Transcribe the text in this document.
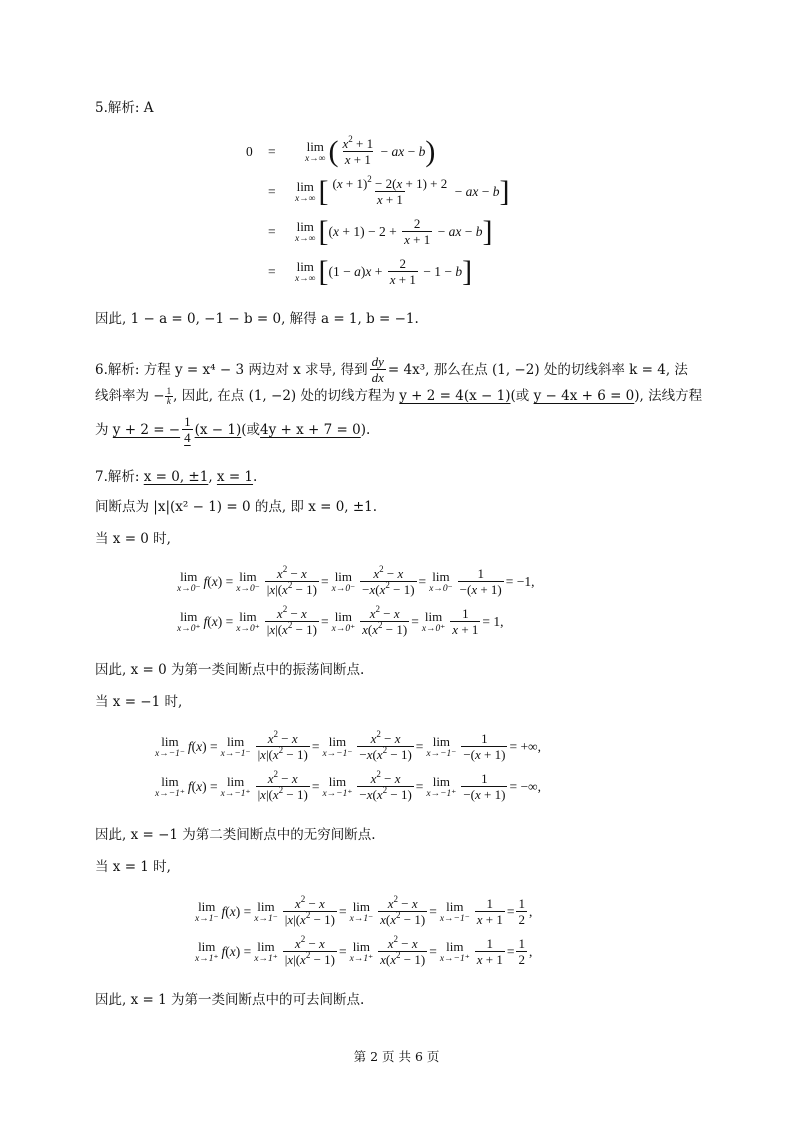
5.解析: A
0	=	lim
x→∞ ( $\frac{x^2 + 1}{x + 1}$ − ax − b )
=	lim
x→∞ [ $\frac{(x + 1)^2 - 2(x + 1) + 2}{x + 1}$ − ax − b ]
=	lim
x→∞ [ $(x + 1) - 2 + \frac{2}{x + 1}$ − ax − b ]
=	lim
x→∞ [ $(1 - a)x + \frac{2}{x + 1} - 1 - b$ ]
因此, 1 − a = 0, −1 − b = 0, 解得 a = 1, b = −1.
6.解析: 方程 y = x⁴ − 3 两边对 x 求导, 得到 $\frac{dy}{dx} = 4x^3$, 那么在点 (1, −2) 处的切线斜率 k = 4, 法
线斜率为 − $\frac{1}{k}$ , 因此, 在点 (1, −2) 处的切线方程为 y + 2 = 4(x − 1)(或 y − 4x + 6 = 0), 法线方程
为
y + 2 = − $\frac{1}{4} (x - 1)$ (或 4y + x + 7 = 0 ).
7.解析: x = 0, ±1, x = 1.
间断点为 |x|(x² − 1) = 0 的点, 即 x = 0, ±1.
当 x = 0 时,
lim
x→0⁻ f(x) = lim
$x\to 0^- \frac{x^2 - x}{|x|(x^2 - 1)} = \lim$
$x\to 0^- \frac{x^2 - x}{-x(x^2 - 1)} = \lim$
$x\to 0^- \frac{1}{-(x + 1)} = -1$,
lim
x→0⁺ f(x) = lim
$x\to 0^+ \frac{x^2 - x}{|x|(x^2 - 1)} = \lim$
$x\to 0^+ \frac{x^2 - x}{x(x^2 - 1)} = \lim$
$x\to 0^+ \frac{1}{x + 1} = 1$,
因此, x = 0 为第一类间断点中的振荡间断点.
当 x = −1 时,
lim
x→−1⁻ f(x) = lim
$x\to-1^- \frac{x^2 - x}{|x|(x^2 - 1)} = \lim$
$x\to-1^- \frac{x^2 - x}{-x(x^2 - 1)} = \lim$
$x\to-1^- \frac{1}{-(x + 1)}$ = +∞,
lim
x→−1⁺ f(x) = lim
$x\to-1^+ \frac{x^2 - x}{|x|(x^2 - 1)} = \lim$
$x\to-1^+ \frac{x^2 - x}{-x(x^2 - 1)} = \lim$
$x\to-1^+ \frac{1}{-(x + 1)}$ = −∞,
因此, x = −1 为第二类间断点中的无穷间断点.
当 x = 1 时,
lim
x→1⁻ f(x) = lim
$x\to 1^- \frac{x^2 - x}{|x|(x^2 - 1)} = \lim$
$x\to 1^- \frac{x^2 - x}{x(x^2 - 1)} = \lim$
$x\to-1^- \frac{1}{x + 1} = \frac{1}{2}$ ,
lim
x→1⁺ f(x) = lim
$x\to 1^+ \frac{x^2 - x}{|x|(x^2 - 1)} = \lim$
$x\to 1^+ \frac{x^2 - x}{x(x^2 - 1)} = \lim$
$x\to-1^+ \frac{1}{x + 1} = \frac{1}{2}$ ,
因此, x = 1 为第一类间断点中的可去间断点.
第 2 页 共 6 页
